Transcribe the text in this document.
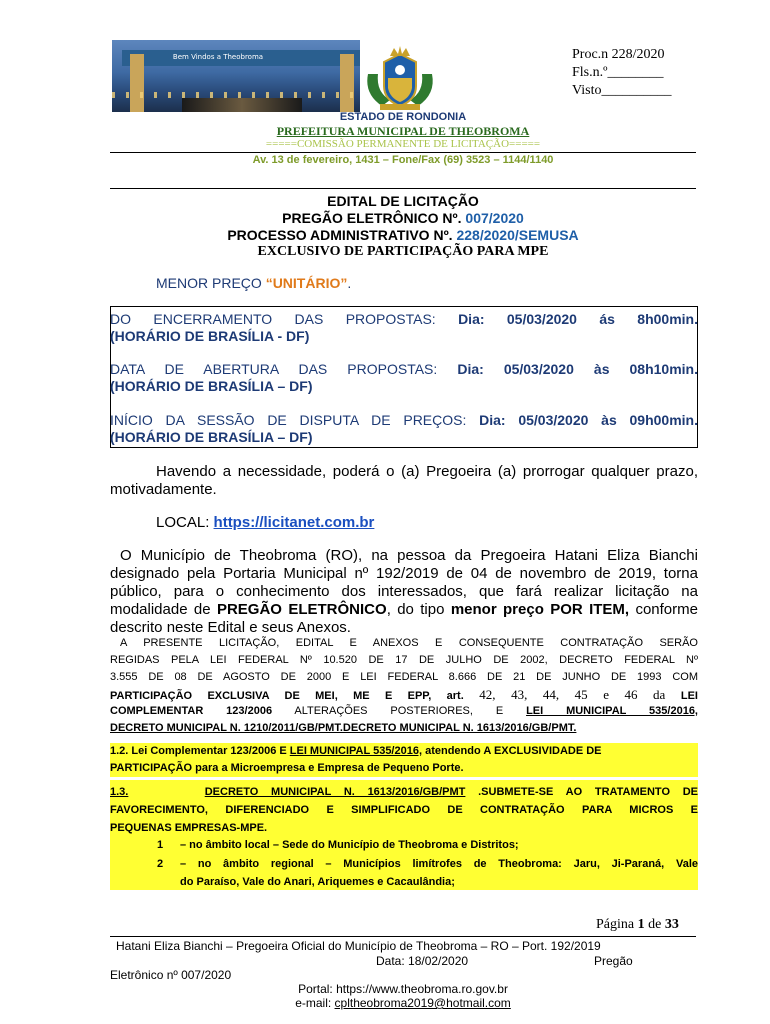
Bem Vindos a Theobroma	Proc.n 228/2020
Fls.n.º________
Visto__________
ESTADO DE RONDONIA
PREFEITURA MUNICIPAL DE THEOBROMA
=====COMISSÃO PERMANENTE DE LICITAÇÃO=====
Av. 13 de fevereiro, 1431 – Fone/Fax (69) 3523 – 1144/1140
EDITAL DE LICITAÇÃO
PREGÃO ELETRÔNICO Nº. 007/2020
PROCESSO ADMINISTRATIVO Nº. 228/2020/SEMUSA
EXCLUSIVO DE PARTICIPAÇÃO PARA MPE
MENOR PREÇO “UNITÁRIO”.
DO ENCERRAMENTO DAS PROPOSTAS: Dia: 05/03/2020 ás 8h00min.
(HORÁRIO DE BRASÍLIA - DF)
DATA DE ABERTURA DAS PROPOSTAS: Dia: 05/03/2020 às 08h10min.
(HORÁRIO DE BRASÍLIA – DF)
INÍCIO DA SESSÃO DE DISPUTA DE PREÇOS: Dia: 05/03/2020 às 09h00min.
(HORÁRIO DE BRASÍLIA – DF)
Havendo a necessidade, poderá o (a) Pregoeira (a) prorrogar qualquer prazo,
motivadamente.
LOCAL: https://licitanet.com.br
O Município de Theobroma (RO), na pessoa da Pregoeira Hatani Eliza Bianchi
designado pela Portaria Municipal nº 192/2019 de 04 de novembro de 2019, torna
público, para o conhecimento dos interessados, que fará realizar licitação na
modalidade de PREGÃO ELETRÔNICO, do tipo menor preço POR ITEM, conforme
descrito neste Edital e seus Anexos.
A PRESENTE LICITAÇÃO, EDITAL E ANEXOS E CONSEQUENTE CONTRATAÇÃO SERÃO
REGIDAS PELA LEI FEDERAL Nº 10.520 DE 17 DE JULHO DE 2002, DECRETO FEDERAL Nº
3.555 DE 08 DE AGOSTO DE 2000 E LEI FEDERAL 8.666 DE 21 DE JUNHO DE 1993 COM
PARTICIPAÇÃO EXCLUSIVA DE MEI, ME E EPP, art. 42, 43, 44, 45 e 46 da LEI
COMPLEMENTAR 123/2006 ALTERAÇÕES POSTERIORES, E LEI MUNICIPAL 535/2016,
DECRETO MUNICIPAL N. 1210/2011/GB/PMT.DECRETO MUNICIPAL N. 1613/2016/GB/PMT.
1.2. Lei Complementar 123/2006 E LEI MUNICIPAL 535/2016, atendendo A EXCLUSIVIDADE DE
PARTICIPAÇÃO para a Microempresa e Empresa de Pequeno Porte.
1.3.	DECRETO MUNICIPAL N. 1613/2016/GB/PMT .SUBMETE-SE AO TRATAMENTO DE
FAVORECIMENTO, DIFERENCIADO E SIMPLIFICADO DE CONTRATAÇÃO PARA MICROS E
PEQUENAS EMPRESAS-MPE.
1	– no âmbito local – Sede do Município de Theobroma e Distritos;
2	– no âmbito regional – Municípios limítrofes de Theobroma: Jaru, Ji-Paraná, Vale
do Paraíso, Vale do Anari, Ariquemes e Cacaulândia;
Página 1 de 33
Hatani Eliza Bianchi – Pregoeira Oficial do Município de Theobroma – RO – Port. 192/2019
Data: 18/02/2020	Pregão
Eletrônico nº 007/2020
Portal: https://www.theobroma.ro.gov.br
e-mail: cpltheobroma2019@hotmail.com
